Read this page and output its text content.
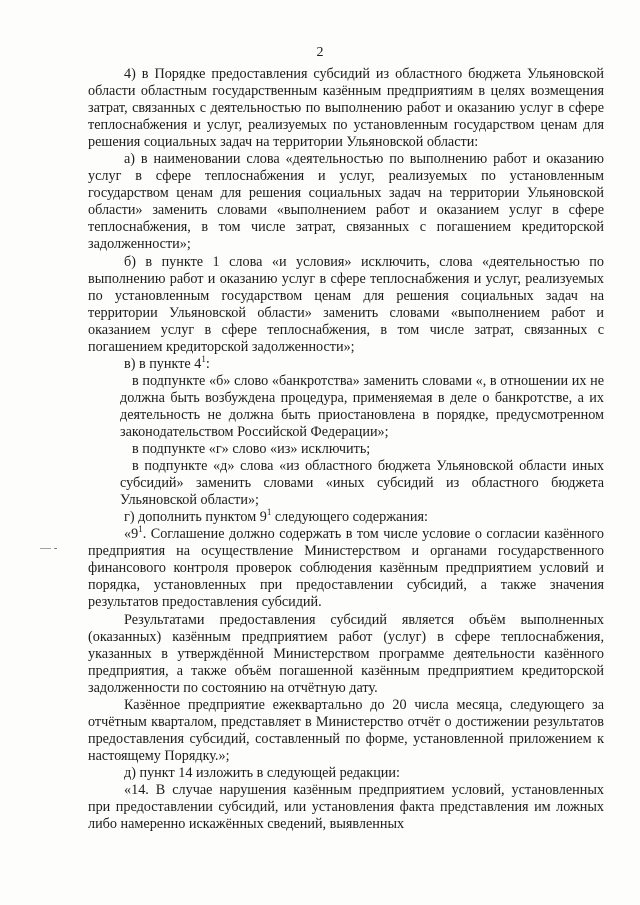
2

4) в Порядке предоставления субсидий из областного бюджета Ульяновской области областным государственным казённым предприятиям в целях возмещения затрат, связанных с деятельностью по выполнению работ и оказанию услуг в сфере теплоснабжения и услуг, реализуемых по установленным государством ценам для решения социальных задач на территории Ульяновской области:

а) в наименовании слова «деятельностью по выполнению работ и оказанию услуг в сфере теплоснабжения и услуг, реализуемых по установленным государством ценам для решения социальных задач на территории Ульяновской области» заменить словами «выполнением работ и оказанием услуг в сфере теплоснабжения, в том числе затрат, связанных с погашением кредиторской задолженности»;

б) в пункте 1 слова «и условия» исключить, слова «деятельностью по выполнению работ и оказанию услуг в сфере теплоснабжения и услуг, реализуемых по установленным государством ценам для решения социальных задач на территории Ульяновской области» заменить словами «выполнением работ и оказанием услуг в сфере теплоснабжения, в том числе затрат, связанных с погашением кредиторской задолженности»;

в) в пункте $4^1$:

в подпункте «б» слово «банкротства» заменить словами «, в отношении их не должна быть возбуждена процедура, применяемая в деле о банкротстве, а их деятельность не должна быть приостановлена в порядке, предусмотренном законодательством Российской Федерации»;

в подпункте «г» слово «из» исключить;

в подпункте «д» слова «из областного бюджета Ульяновской области иных субсидий» заменить словами «иных субсидий из областного бюджета Ульяновской области»;

г) дополнить пунктом $9^1$ следующего содержания:

«$9^1$. Соглашение должно содержать в том числе условие о согласии казённого предприятия на осуществление Министерством и органами государственного финансового контроля проверок соблюдения казённым предприятием условий и порядка, установленных при предоставлении субсидий, а также значения результатов предоставления субсидий.

Результатами предоставления субсидий является объём выполненных (оказанных) казённым предприятием работ (услуг) в сфере теплоснабжения, указанных в утверждённой Министерством программе деятельности казённого предприятия, а также объём погашенной казённым предприятием кредиторской задолженности по состоянию на отчётную дату.

Казённое предприятие ежеквартально до 20 числа месяца, следующего за отчётным кварталом, представляет в Министерство отчёт о достижении результатов предоставления субсидий, составленный по форме, установленной приложением к настоящему Порядку.»;

д) пункт 14 изложить в следующей редакции:

«14. В случае нарушения казённым предприятием условий, установленных при предоставлении субсидий, или установления факта представления им ложных либо намеренно искажённых сведений, выявленных

— -
